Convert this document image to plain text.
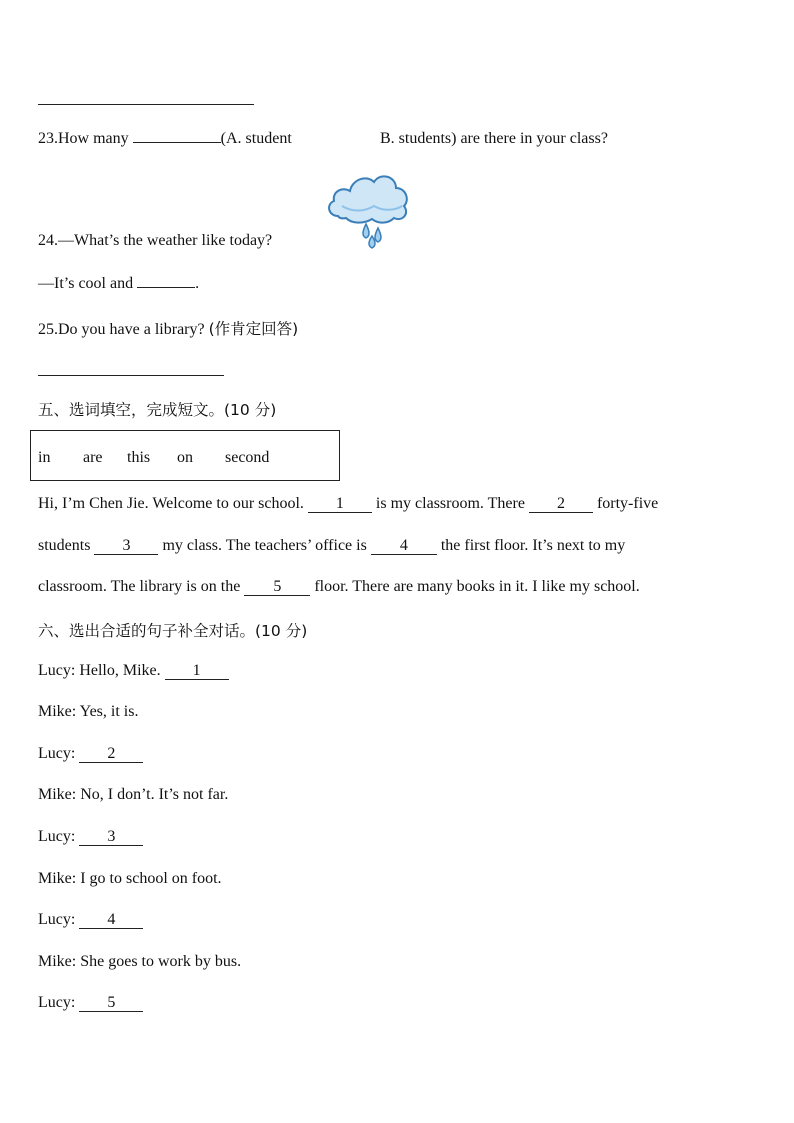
23.How many	(A. student	B. students) are there in your class?
24.—What’s the weather like today?
—It’s cool and	.
25.Do you have a library? (作肯定回答)
五、选词填空，完成短文。(10 分)
in are this on second
Hi, I’m Chen Jie. Welcome to our school. 1 is my classroom. There 2 forty-five
students 3 my class. The teachers’ office is 4 the first floor. It’s next to my
classroom. The library is on the 5 floor. There are many books in it. I like my school.
六、选出合适的句子补全对话。(10 分)
Lucy: Hello, Mike. 1
Mike: Yes, it is.
Lucy: 2
Mike: No, I don’t. It’s not far.
Lucy: 3
Mike: I go to school on foot.
Lucy: 4
Mike: She goes to work by bus.
Lucy: 5
